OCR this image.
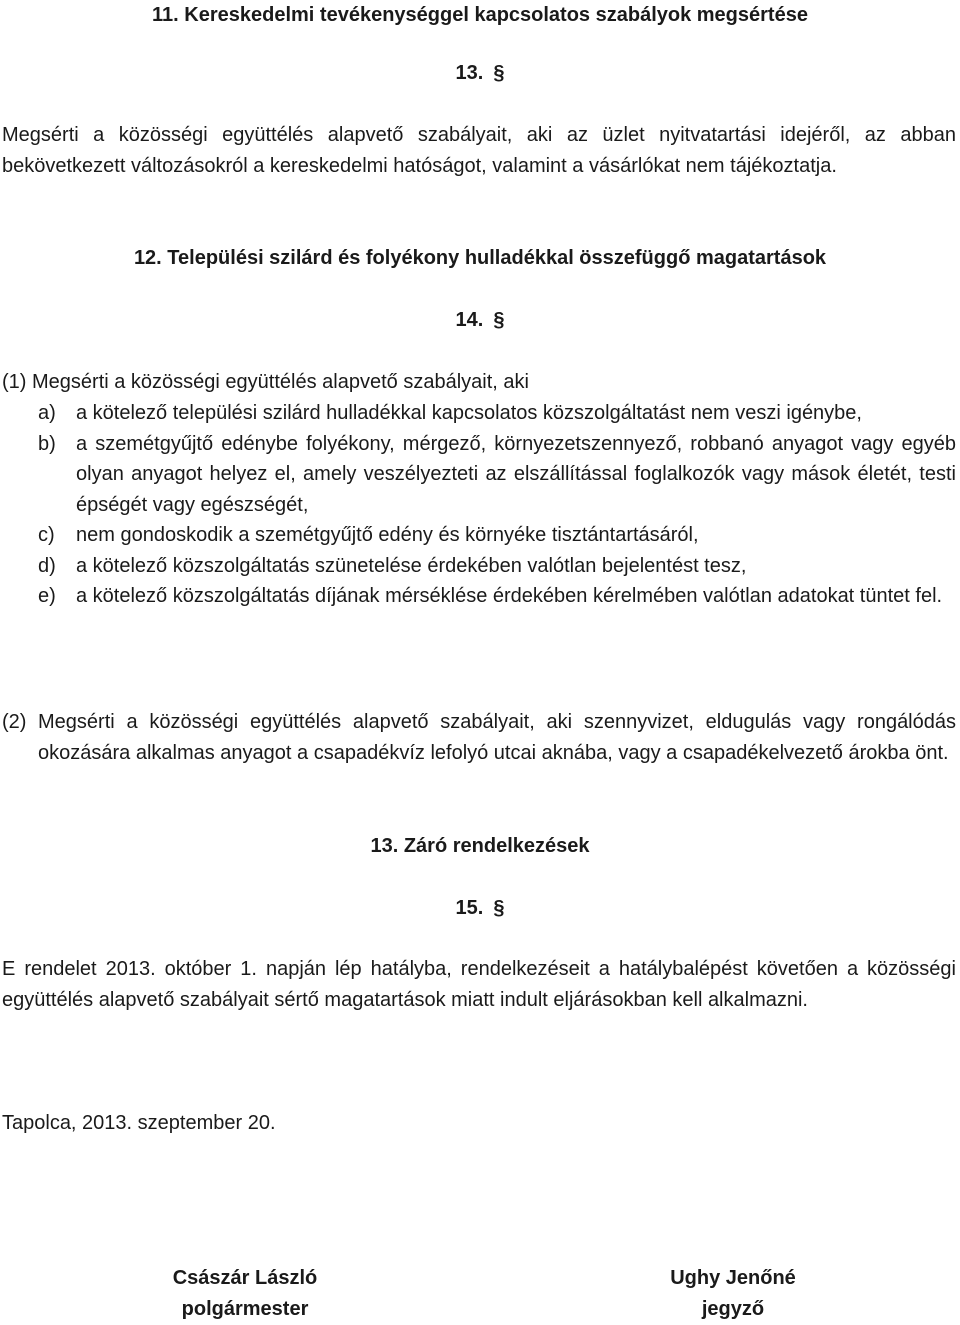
11. Kereskedelmi tevékenységgel kapcsolatos szabályok megsértése
13. §

Megsérti a közösségi együttélés alapvető szabályait, aki az üzlet nyitvatartási idejéről, az abban bekövetkezett változásokról a kereskedelmi hatóságot, valamint a vásárlókat nem tájékoztatja.

12. Települési szilárd és folyékony hulladékkal összefüggő magatartások
14. §
(1) Megsérti a közösségi együttélés alapvető szabályait, aki
a) a kötelező települési szilárd hulladékkal kapcsolatos közszolgáltatást nem veszi igénybe,
b) a szemétgyűjtő edénybe folyékony, mérgező, környezetszennyező, robbanó anyagot vagy egyéb olyan anyagot helyez el, amely veszélyezteti az elszállítással foglalkozók vagy mások életét, testi épségét vagy egészségét,
c) nem gondoskodik a szemétgyűjtő edény és környéke tisztántartásáról,
d) a kötelező közszolgáltatás szünetelése érdekében valótlan bejelentést tesz,
e) a kötelező közszolgáltatás díjának mérséklése érdekében kérelmében valótlan adatokat tüntet fel.
(2) Megsérti a közösségi együttélés alapvető szabályait, aki szennyvizet, eldugulás vagy rongálódás okozására alkalmas anyagot a csapadékvíz lefolyó utcai aknába, vagy a csapadékelvezető árokba önt.
13. Záró rendelkezések
15. §

E rendelet 2013. október 1. napján lép hatályba, rendelkezéseit a hatálybalépést követően a közösségi együttélés alapvető szabályait sértő magatartások miatt indult eljárásokban kell alkalmazni.

Tapolca, 2013. szeptember 20.
Császár László
polgármester
Ughy Jenőné
jegyző
